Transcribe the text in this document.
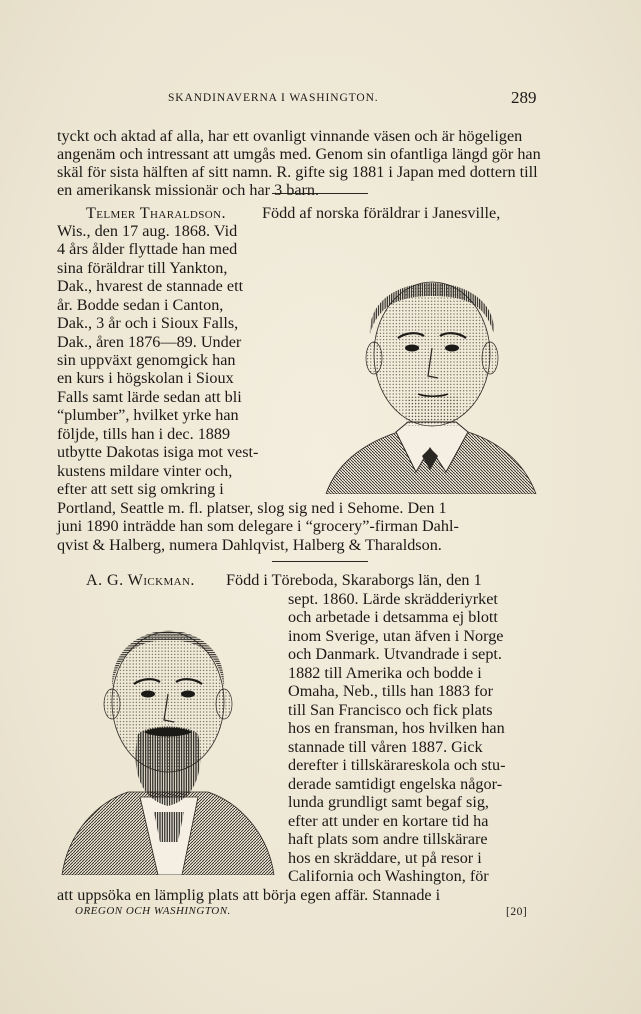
SKANDINAVERNA I WASHINGTON.	289
tyckt och aktad af alla, har ett ovanligt vinnande väsen och är högeligen
angenäm och intressant att umgås med. Genom sin ofantliga längd gör han
skäl för sista hälften af sitt namn. R. gifte sig 1881 i Japan med dottern till
en amerikansk missionär och har 3 barn.
Telmer Tharaldson. Född af norska föräldrar i Janesville,
Wis., den 17 aug. 1868. Vid
4 års ålder flyttade han med
sina föräldrar till Yankton,
Dak., hvarest de stannade ett
år. Bodde sedan i Canton,
Dak., 3 år och i Sioux Falls,
Dak., åren 1876—89. Under
sin uppväxt genomgick han
en kurs i högskolan i Sioux
Falls samt lärde sedan att bli
“plumber”, hvilket yrke han
följde, tills han i dec. 1889
utbytte Dakotas isiga mot vest-
kustens mildare vinter och,
efter att sett sig omkring i
Portland, Seattle m. fl. platser, slog sig ned i Sehome. Den 1
juni 1890 inträdde han som delegare i “grocery”-firman Dahl-
qvist & Halberg, numera Dahlqvist, Halberg & Tharaldson.
A. G. Wickman. Född i Töreboda, Skaraborgs län, den 1
sept. 1860. Lärde skrädderiyrket
och arbetade i detsamma ej blott
inom Sverige, utan äfven i Norge
och Danmark. Utvandrade i sept.
1882 till Amerika och bodde i
Omaha, Neb., tills han 1883 for
till San Francisco och fick plats
hos en fransman, hos hvilken han
stannade till våren 1887. Gick
derefter i tillskärareskola och stu-
derade samtidigt engelska någor-
lunda grundligt samt begaf sig,
efter att under en kortare tid ha
haft plats som andre tillskärare
hos en skräddare, ut på resor i
California och Washington, för
att uppsöka en lämplig plats att börja egen affär. Stannade i
OREGON OCH WASHINGTON.	[20]
